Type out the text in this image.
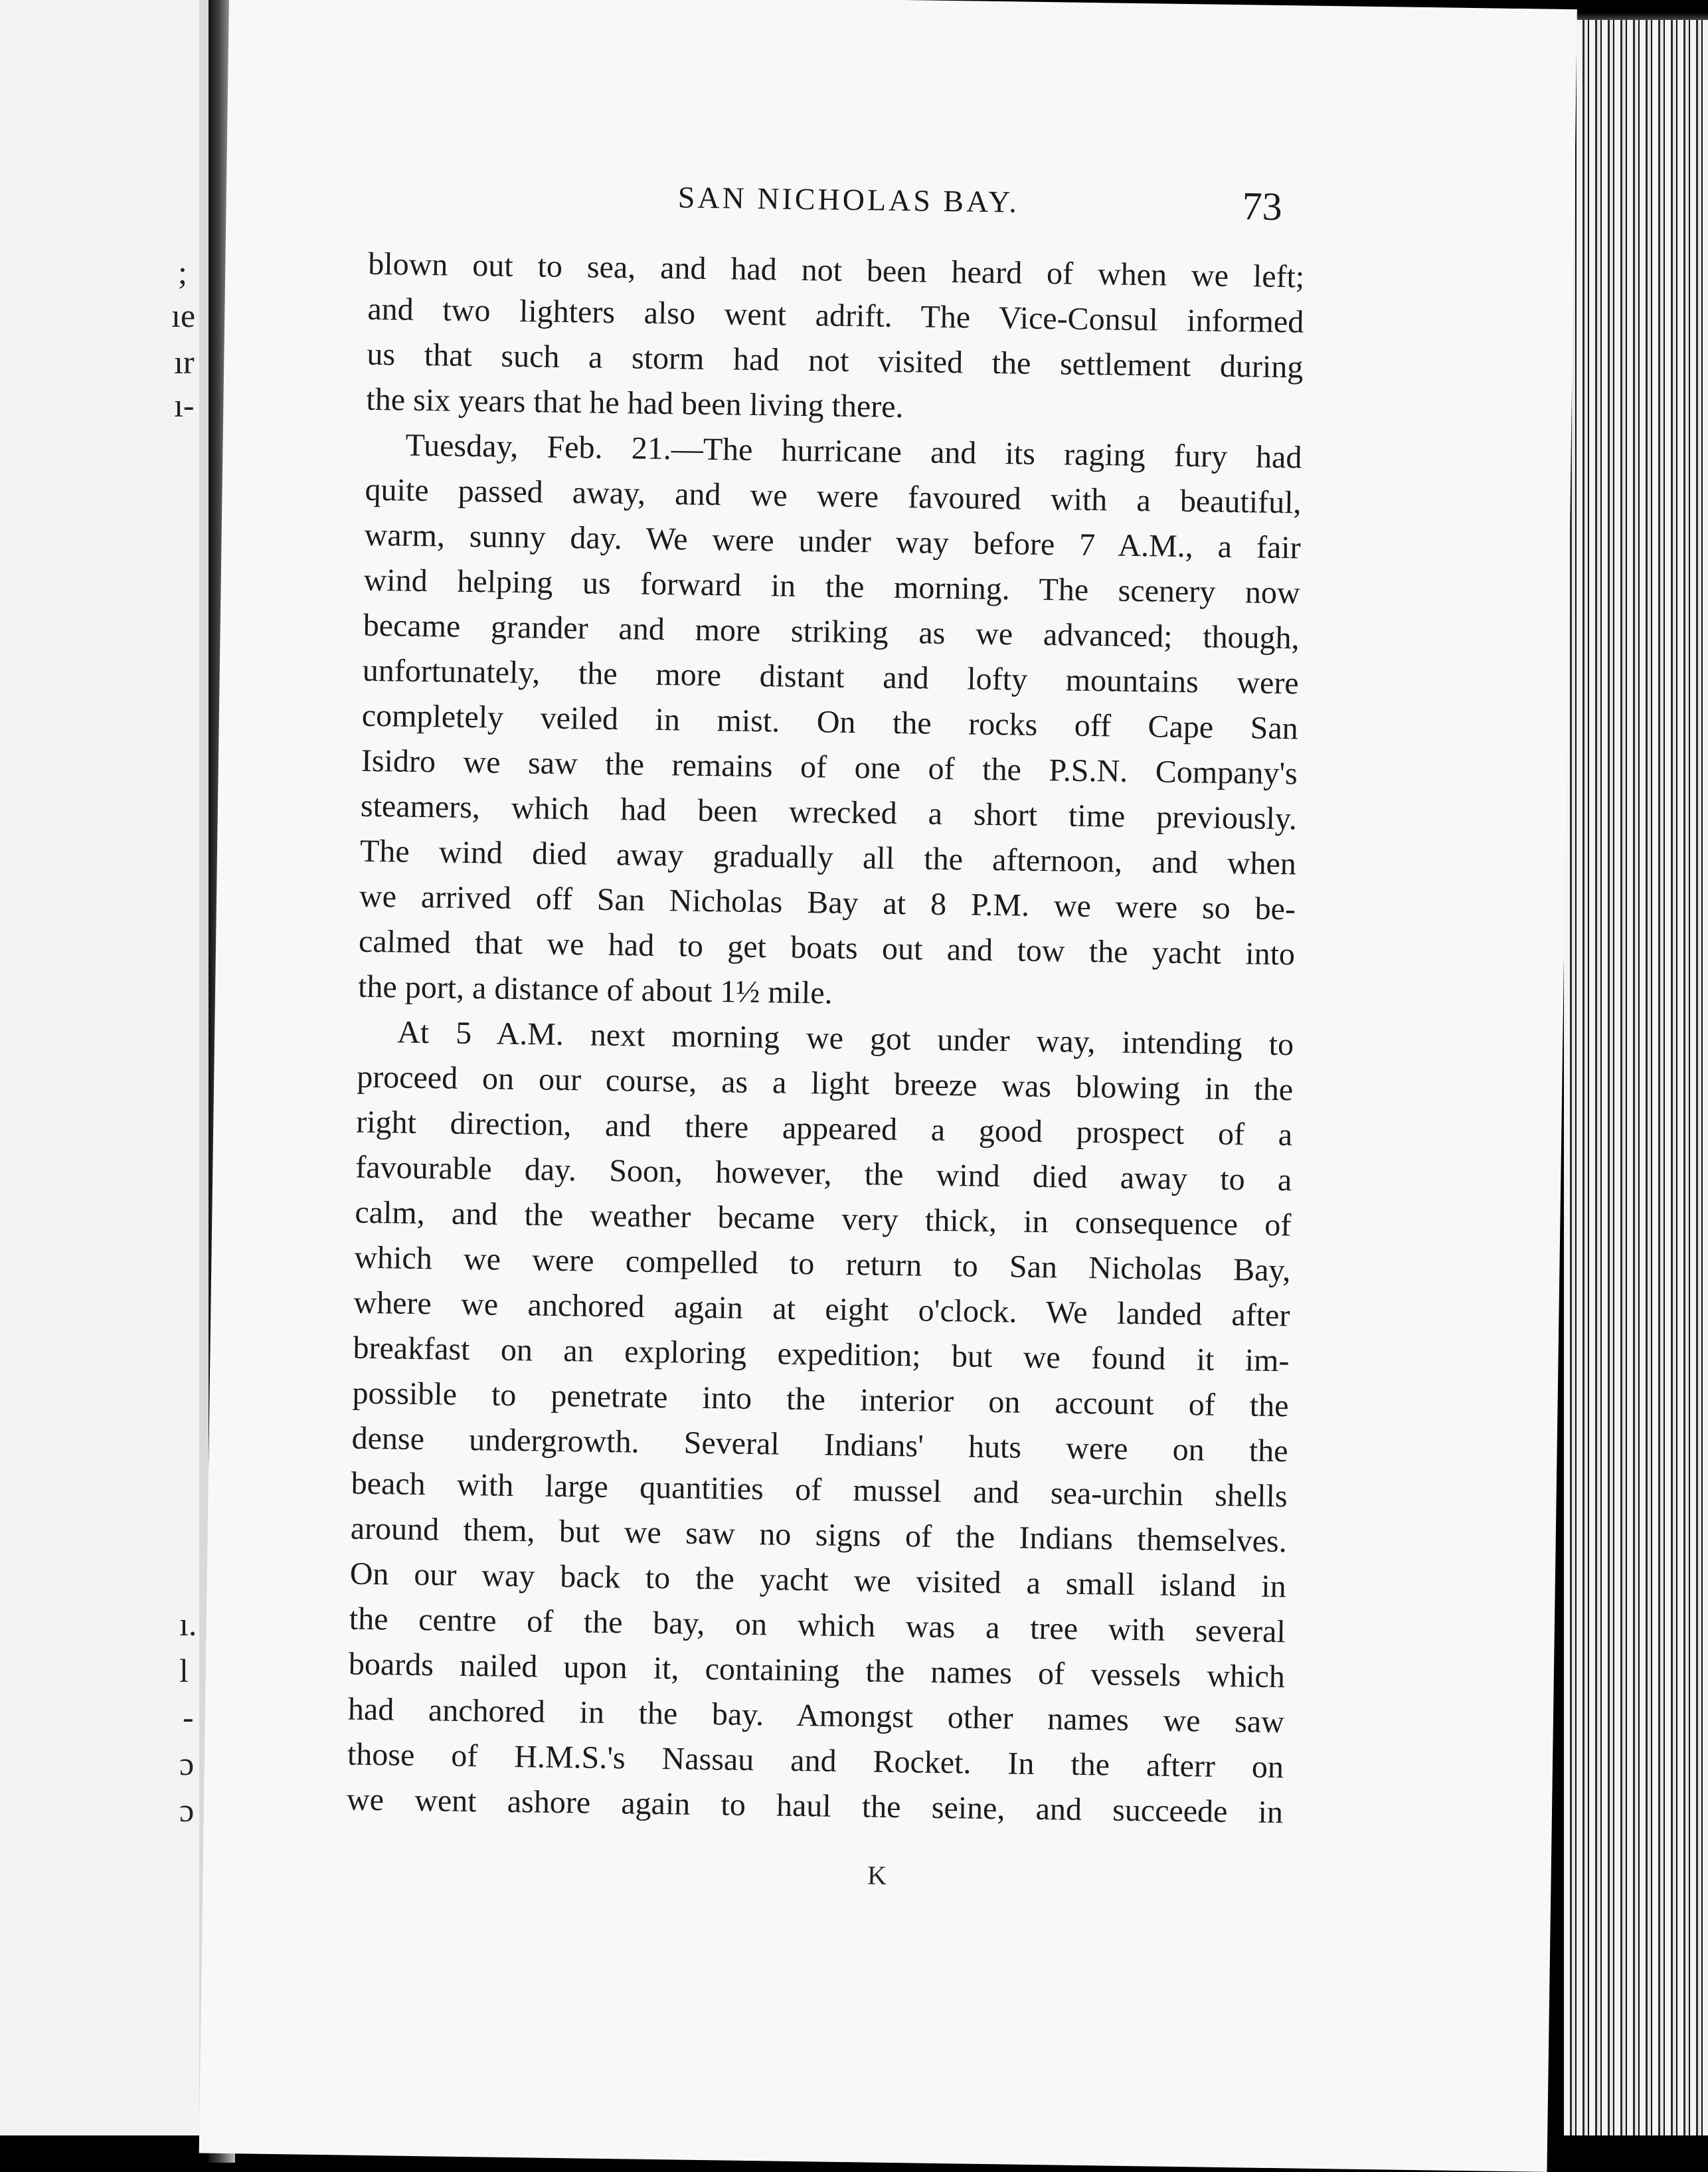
;
ıe
ır
ı-
ı.
l
-
ɔ
ɔ
SAN NICHOLAS BAY.	73
blown out to sea, and had not been heard of when we left;
and two lighters also went adrift. The Vice-Consul informed
us that such a storm had not visited the settlement during
the six years that he had been living there.
Tuesday, Feb. 21.—The hurricane and its raging fury had
quite passed away, and we were favoured with a beautiful,
warm, sunny day. We were under way before 7 A.M., a fair
wind helping us forward in the morning. The scenery now
became grander and more striking as we advanced; though,
unfortunately, the more distant and lofty mountains were
completely veiled in mist. On the rocks off Cape San
Isidro we saw the remains of one of the P.S.N. Company's
steamers, which had been wrecked a short time previously.
The wind died away gradually all the afternoon, and when
we arrived off San Nicholas Bay at 8 P.M. we were so be-
calmed that we had to get boats out and tow the yacht into
the port, a distance of about 1½ mile.
At 5 A.M. next morning we got under way, intending to
proceed on our course, as a light breeze was blowing in the
right direction, and there appeared a good prospect of a
favourable day. Soon, however, the wind died away to a
calm, and the weather became very thick, in consequence of
which we were compelled to return to San Nicholas Bay,
where we anchored again at eight o'clock. We landed after
breakfast on an exploring expedition; but we found it im-
possible to penetrate into the interior on account of the
dense undergrowth. Several Indians' huts were on the
beach with large quantities of mussel and sea-urchin shells
around them, but we saw no signs of the Indians themselves.
On our way back to the yacht we visited a small island in
the centre of the bay, on which was a tree with several
boards nailed upon it, containing the names of vessels which
had anchored in the bay. Amongst other names we saw
those of H.M.S.'s Nassau and Rocket. In the afterr on
we went ashore again to haul the seine, and succeede in
K
